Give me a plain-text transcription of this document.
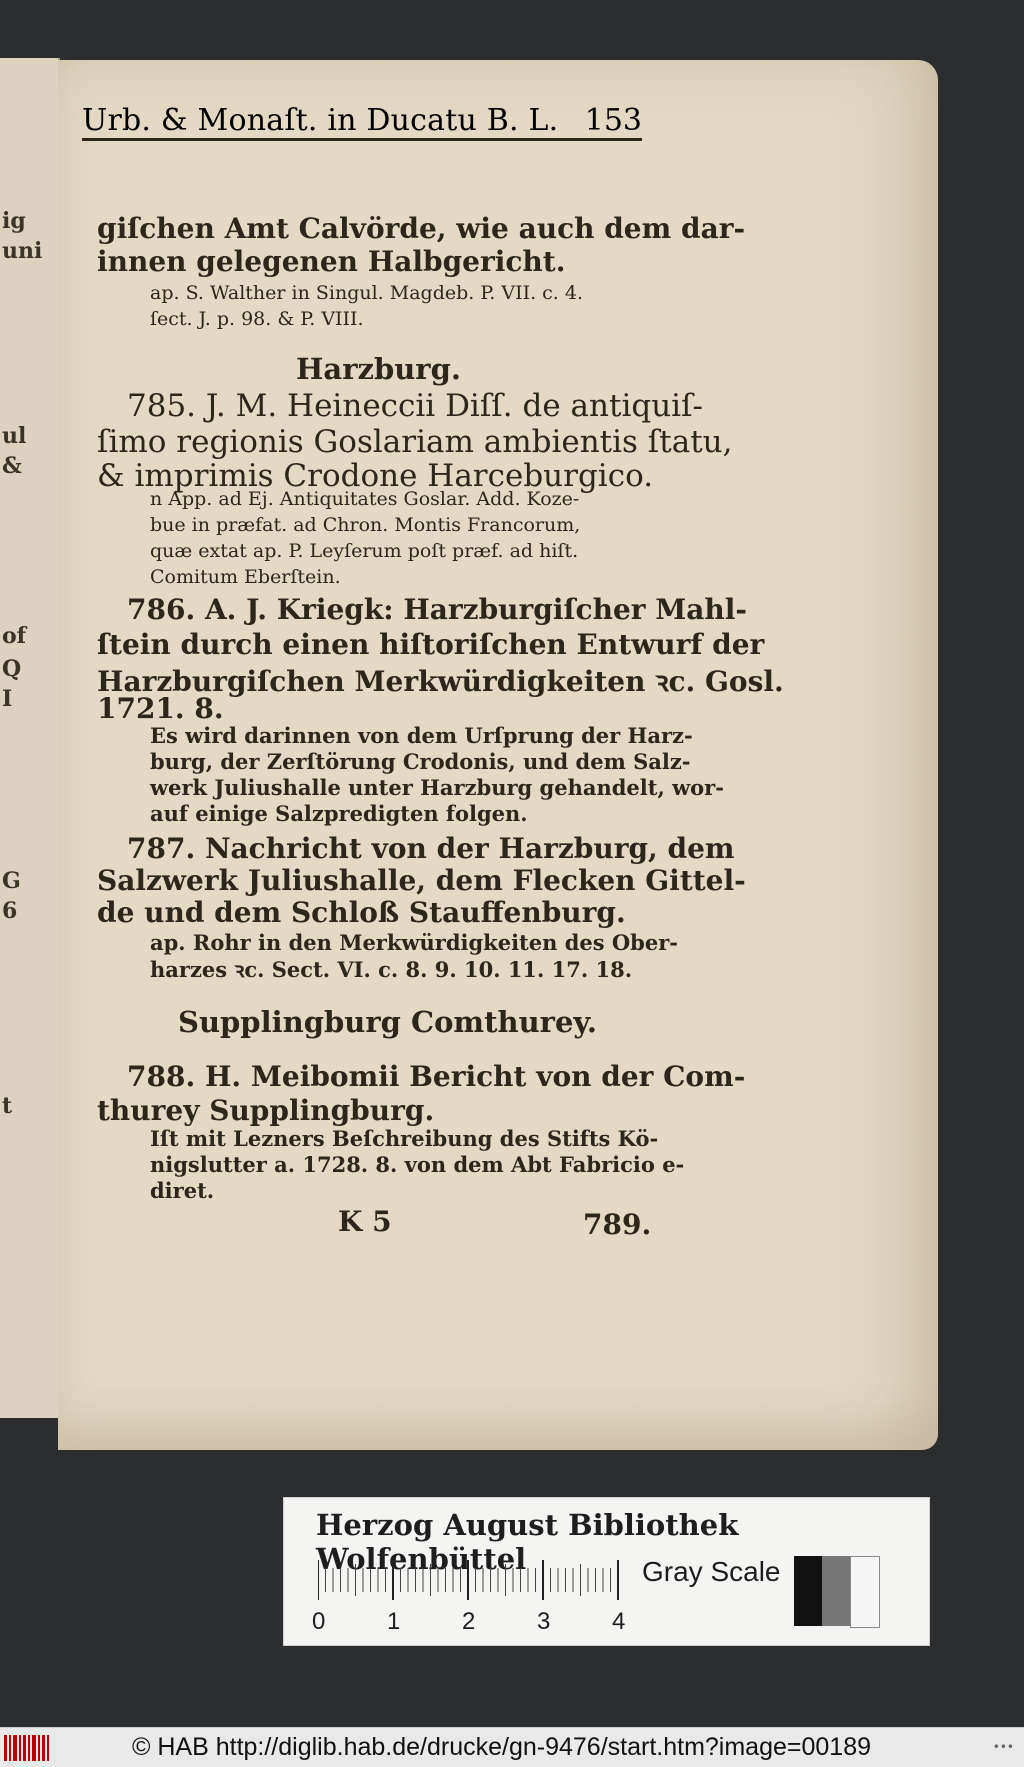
ig
uni
ul
&
of
Q
I
G
6
t
Urb. & Monaſt. in Ducatu B. L. 153
giſchen Amt Calvörde, wie auch dem dar-
innen gelegenen Halbgericht.
ap. S. Walther in Singul. Magdeb. P. VII. c. 4.
ſect. J. p. 98. & P. VIII.
Harzburg.
785. J. M. Heineccii Diſſ. de antiquiſ-
ſimo regionis Goslariam ambientis ſtatu,
& imprimis Crodone Harceburgico.
n App. ad Ej. Antiquitates Goslar. Add. Koze-
bue in præfat. ad Chron. Montis Francorum,
quæ extat ap. P. Leyſerum poſt præf. ad hiſt.
Comitum Eberſtein.
786. A. J. Kriegk: Harzburgiſcher Mahl-
ſtein durch einen hiſtoriſchen Entwurf der
Harzburgiſchen Merkwürdigkeiten ꝛc. Gosl.
1721. 8.
Es wird darinnen von dem Urſprung der Harz-
burg, der Zerſtörung Crodonis, und dem Salz-
werk Juliushalle unter Harzburg gehandelt, wor-
auf einige Salzpredigten folgen.
787. Nachricht von der Harzburg, dem
Salzwerk Juliushalle, dem Flecken Gittel-
de und dem Schloß Stauffenburg.
ap. Rohr in den Merkwürdigkeiten des Ober-
harzes ꝛc. Sect. VI. c. 8. 9. 10. 11. 17. 18.
Supplingburg Comthurey.
788. H. Meibomii Bericht von der Com-
thurey Supplingburg.
Iſt mit Lezners Beſchreibung des Stifts Kö-
nigslutter a. 1728. 8. von dem Abt Fabricio e-
diret.
K 5	789.
Herzog August Bibliothek Wolfenbüttel
0	1	2	3	4
Gray Scale
© HAB http://diglib.hab.de/drucke/gn-9476/start.htm?image=00189	•••
